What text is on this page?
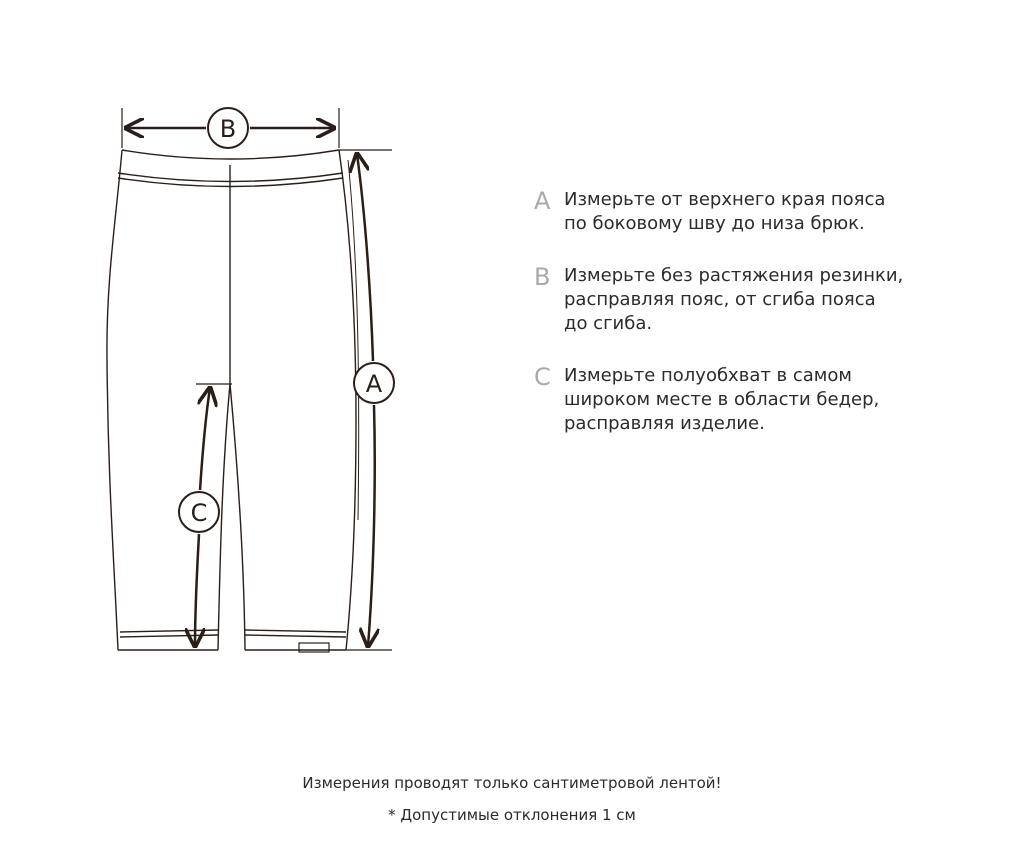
B
A
C
A Измерьте от верхнего края пояса
по боковому шву до низа брюк.
B Измерьте без растяжения резинки,
расправляя пояс, от сгиба пояса
до сгиба.
C Измерьте полуобхват в самом
широком месте в области бедер,
расправляя изделие.
Измерения проводят только сантиметровой лентой!
* Допустимые отклонения 1 см
